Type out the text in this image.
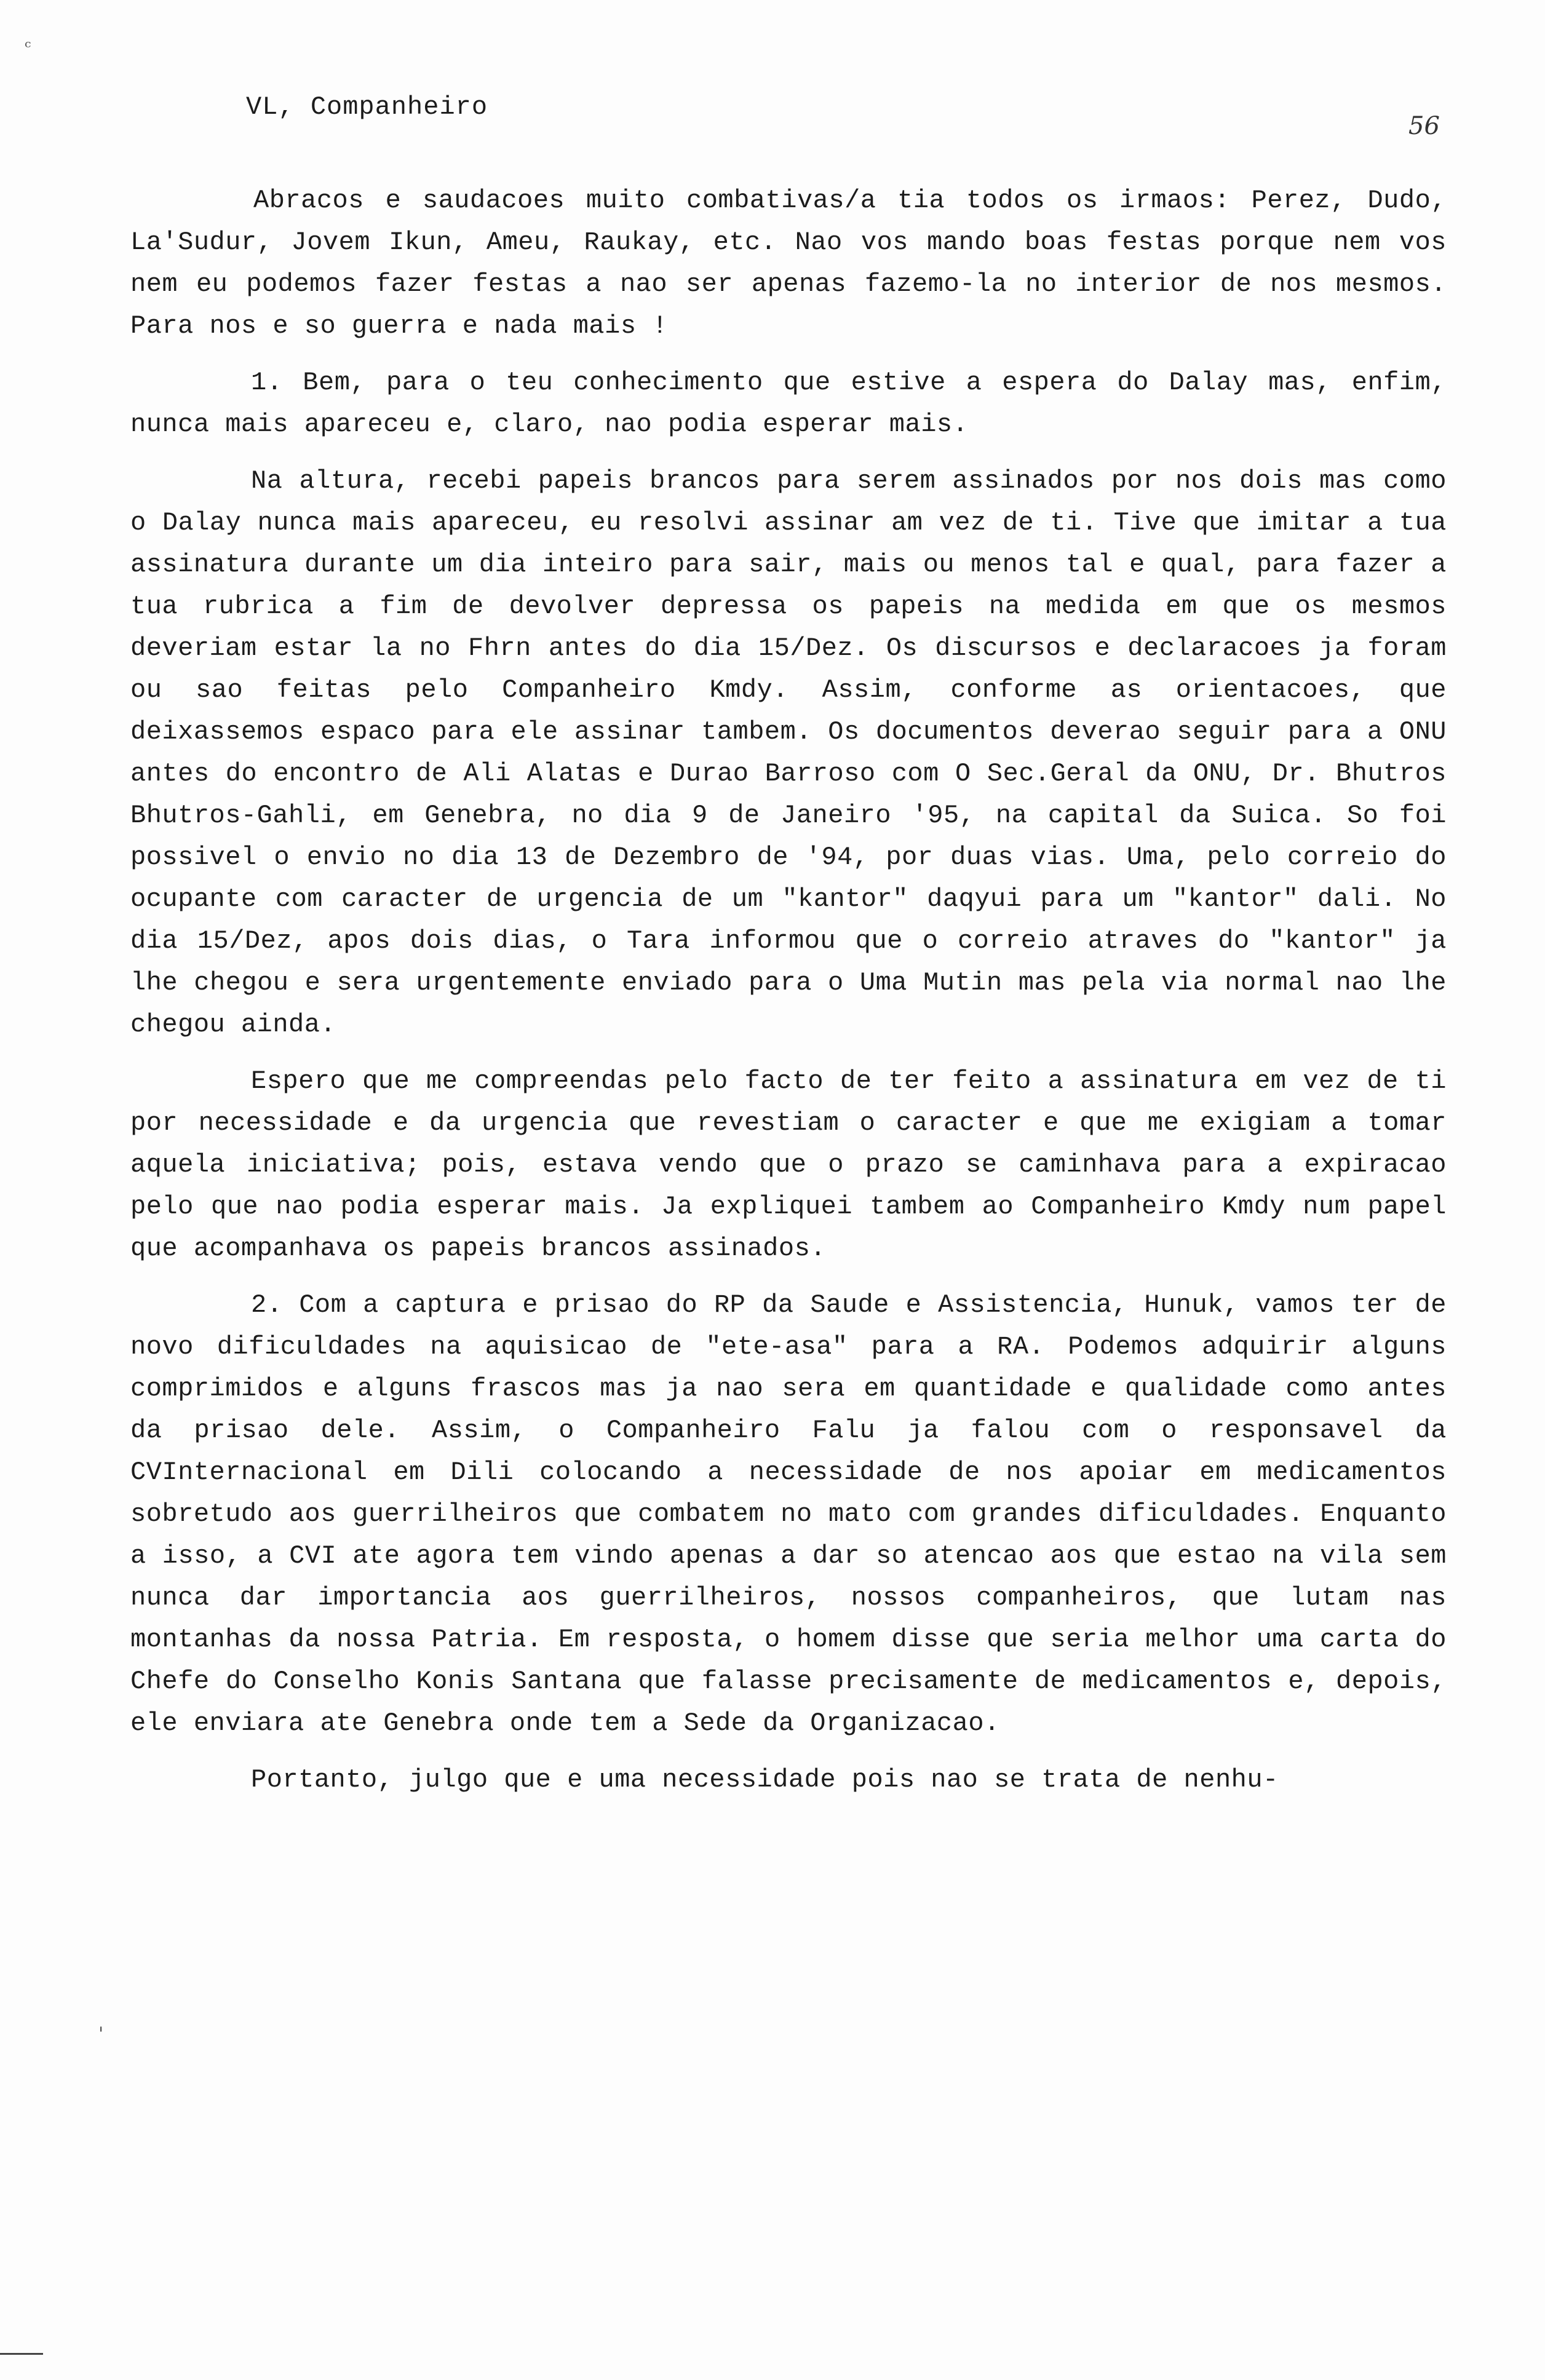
ᶜ
VL, Companheiro
56

Abracos e saudacoes muito combativas/a tia todos os irmaos: Perez, Dudo, La'Sudur, Jovem Ikun, Ameu, Raukay, etc. Nao vos mando boas festas porque nem vos nem eu podemos fazer festas a nao ser apenas fazemo-la no interior de nos mesmos. Para nos e so guerra e nada mais !

1. Bem, para o teu conhecimento que estive a espera do Dalay mas, enfim, nunca mais apareceu e, claro, nao podia esperar mais.

Na altura, recebi papeis brancos para serem assinados por nos dois mas como o Dalay nunca mais apareceu, eu resolvi assinar am vez de ti. Tive que imitar a tua assinatura durante um dia inteiro para sair, mais ou menos tal e qual, para fazer a tua rubrica a fim de devolver depressa os papeis na medida em que os mesmos deveriam estar la no Fhrn antes do dia 15/Dez. Os discursos e declaracoes ja foram ou sao feitas pelo Companheiro Kmdy. Assim, conforme as orientacoes, que deixassemos espaco para ele assinar tambem. Os documentos deverao seguir para a ONU antes do encontro de Ali Alatas e Durao Barroso com O Sec.Geral da ONU, Dr. Bhutros Bhutros-Gahli, em Genebra, no dia 9 de Janeiro '95, na capital da Suica. So foi possivel o envio no dia 13 de Dezembro de '94, por duas vias. Uma, pelo correio do ocupante com caracter de urgencia de um "kantor" daqyui para um "kantor" dali. No dia 15/Dez, apos dois dias, o Tara informou que o correio atraves do "kantor" ja lhe chegou e sera urgentemente enviado para o Uma Mutin mas pela via normal nao lhe chegou ainda.

Espero que me compreendas pelo facto de ter feito a assinatura em vez de ti por necessidade e da urgencia que revestiam o caracter e que me exigiam a tomar aquela iniciativa; pois, estava vendo que o prazo se caminhava para a expiracao pelo que nao podia esperar mais. Ja expliquei tambem ao Companheiro Kmdy num papel que acompanhava os papeis brancos assinados.

2. Com a captura e prisao do RP da Saude e Assistencia, Hunuk, vamos ter de novo dificuldades na aquisicao de "ete-asa" para a RA. Podemos adquirir alguns comprimidos e alguns frascos mas ja nao sera em quantidade e qualidade como antes da prisao dele. Assim, o Companheiro Falu ja falou com o responsavel da CVInternacional em Dili colocando a necessidade de nos apoiar em medicamentos sobretudo aos guerrilheiros que combatem no mato com grandes dificuldades. Enquanto a isso, a CVI ate agora tem vindo apenas a dar so atencao aos que estao na vila sem nunca dar importancia aos guerrilheiros, nossos companheiros, que lutam nas montanhas da nossa Patria. Em resposta, o homem disse que seria melhor uma carta do Chefe do Conselho Konis Santana que falasse precisamente de medicamentos e, depois, ele enviara ate Genebra onde tem a Sede da Organizacao.

Portanto, julgo que e uma necessidade pois nao se trata de nenhu-

'
